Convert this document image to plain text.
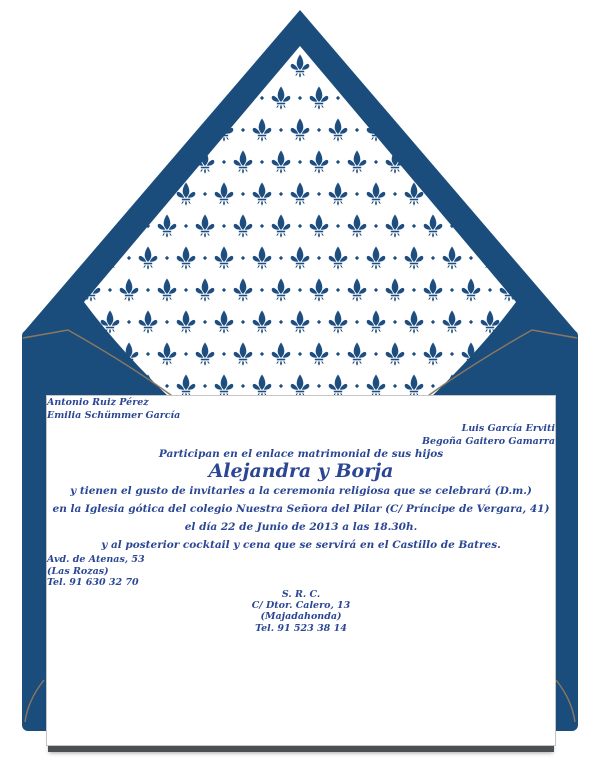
Antonio Ruiz Pérez
Emilia Schümmer García
Luis García Erviti
Begoña Gaitero Gamarra
Participan en el enlace matrimonial de sus hijos
Alejandra y Borja
y tienen el gusto de invitarles a la ceremonia religiosa que se celebrará (D.m.)
en la Iglesia gótica del colegio Nuestra Señora del Pilar (C/ Príncipe de Vergara, 41)
el día 22 de Junio de 2013 a las 18.30h.
y al posterior cocktail y cena que se servirá en el Castillo de Batres.
Avd. de Atenas, 53
(Las Rozas)
Tel. 91 630 32 70
S. R. C.
C/ Dtor. Calero, 13
(Majadahonda)
Tel. 91 523 38 14
